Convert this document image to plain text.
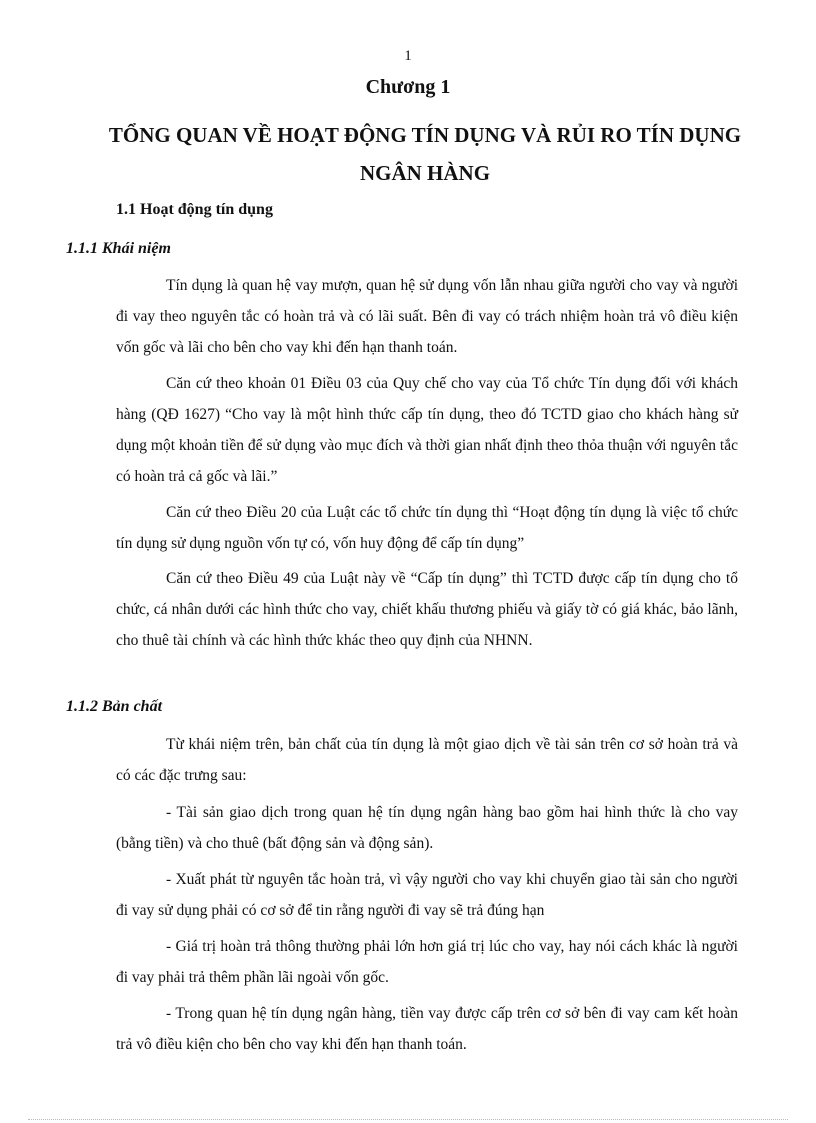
1
Chương 1
TỔNG QUAN VỀ HOẠT ĐỘNG TÍN DỤNG VÀ RỦI RO TÍN DỤNG NGÂN HÀNG
1.1 Hoạt động tín dụng
1.1.1 Khái niệm
Tín dụng là quan hệ vay mượn, quan hệ sử dụng vốn lẫn nhau giữa người cho vay và người đi vay theo nguyên tắc có hoàn trả và có lãi suất. Bên đi vay có trách nhiệm hoàn trả vô điều kiện vốn gốc và lãi cho bên cho vay khi đến hạn thanh toán.
Căn cứ theo khoản 01 Điều 03 của Quy chế cho vay của Tổ chức Tín dụng đối với khách hàng (QĐ 1627) “Cho vay là một hình thức cấp tín dụng, theo đó TCTD giao cho khách hàng sử dụng một khoản tiền để sử dụng vào mục đích và thời gian nhất định theo thỏa thuận với nguyên tắc có hoàn trả cả gốc và lãi.”
Căn cứ theo Điều 20 của Luật các tổ chức tín dụng thì “Hoạt động tín dụng là việc tổ chức tín dụng sử dụng nguồn vốn tự có, vốn huy động để cấp tín dụng”
Căn cứ theo Điều 49 của Luật này về “Cấp tín dụng” thì TCTD được cấp tín dụng cho tổ chức, cá nhân dưới các hình thức cho vay, chiết khấu thương phiếu và giấy tờ có giá khác, bảo lãnh, cho thuê tài chính và các hình thức khác theo quy định của NHNN.
1.1.2 Bản chất
Từ khái niệm trên, bản chất của tín dụng là một giao dịch về tài sản trên cơ sở hoàn trả và có các đặc trưng sau:
- Tài sản giao dịch trong quan hệ tín dụng ngân hàng bao gồm hai hình thức là cho vay (bằng tiền) và cho thuê (bất động sản và động sản).
- Xuất phát từ nguyên tắc hoàn trả, vì vậy người cho vay khi chuyển giao tài sản cho người đi vay sử dụng phải có cơ sở để tin rằng người đi vay sẽ trả đúng hạn
- Giá trị hoàn trả thông thường phải lớn hơn giá trị lúc cho vay, hay nói cách khác là người đi vay phải trả thêm phần lãi ngoài vốn gốc.
- Trong quan hệ tín dụng ngân hàng, tiền vay được cấp trên cơ sở bên đi vay cam kết hoàn trả vô điều kiện cho bên cho vay khi đến hạn thanh toán.
